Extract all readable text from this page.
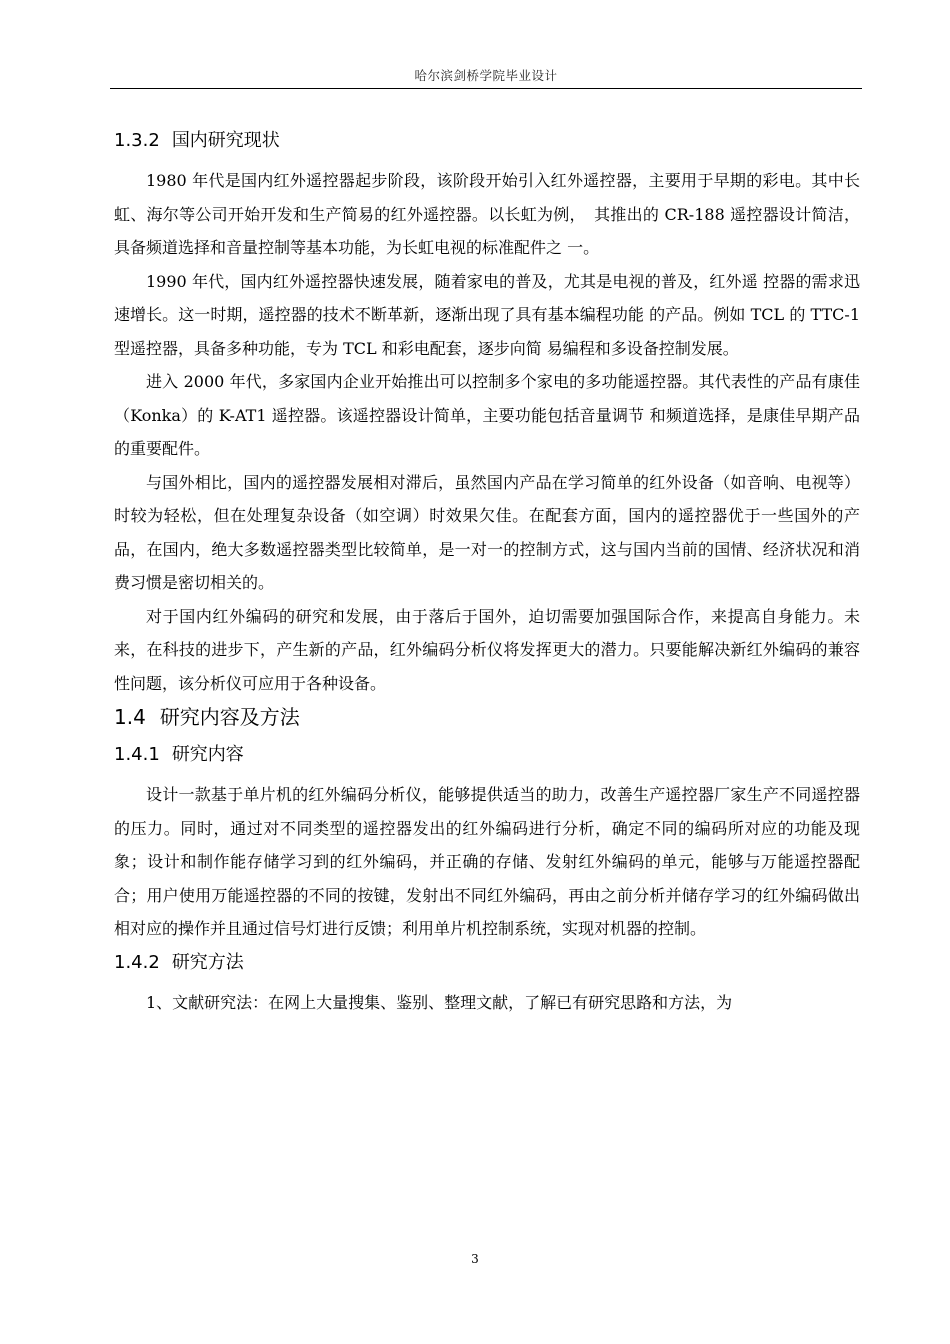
哈尔滨剑桥学院毕业设计
1.3.2 国内研究现状

1980 年代是国内红外遥控器起步阶段，该阶段开始引入红外遥控器，主要用于早期的彩电。其中长虹、海尔等公司开始开发和生产简易的红外遥控器。以长虹为例，　其推出的 CR-188 遥控器设计简洁，具备频道选择和音量控制等基本功能，为长虹电视的标准配件之 一。

1990 年代，国内红外遥控器快速发展，随着家电的普及，尤其是电视的普及，红外遥 控器的需求迅速增长。这一时期，遥控器的技术不断革新，逐渐出现了具有基本编程功能 的产品。例如 TCL 的 TTC-1 型遥控器，具备多种功能，专为 TCL 和彩电配套，逐步向简 易编程和多设备控制发展。

进入 2000 年代，多家国内企业开始推出可以控制多个家电的多功能遥控器。其代表性的产品有康佳（Konka）的 K-AT1 遥控器。该遥控器设计简单，主要功能包括音量调节 和频道选择，是康佳早期产品的重要配件。

与国外相比，国内的遥控器发展相对滞后，虽然国内产品在学习简单的红外设备（如音响、电视等）时较为轻松，但在处理复杂设备（如空调）时效果欠佳。在配套方面，国内的遥控器优于一些国外的产品，在国内，绝大多数遥控器类型比较简单，是一对一的控制方式，这与国内当前的国情、经济状况和消费习惯是密切相关的。

对于国内红外编码的研究和发展，由于落后于国外，迫切需要加强国际合作，来提高自身能力。未来，在科技的进步下，产生新的产品，红外编码分析仪将发挥更大的潜力。只要能解决新红外编码的兼容性问题，该分析仪可应用于各种设备。

1.4 研究内容及方法
1.4.1 研究内容

设计一款基于单片机的红外编码分析仪，能够提供适当的助力，改善生产遥控器厂家生产不同遥控器的压力。同时，通过对不同类型的遥控器发出的红外编码进行分析，确定不同的编码所对应的功能及现象；设计和制作能存储学习到的红外编码，并正确的存储、发射红外编码的单元，能够与万能遥控器配合；用户使用万能遥控器的不同的按键，发射出不同红外编码，再由之前分析并储存学习的红外编码做出相对应的操作并且通过信号灯进行反馈；利用单片机控制系统，实现对机器的控制。

1.4.2 研究方法

1、文献研究法：在网上大量搜集、鉴别、整理文献，了解已有研究思路和方法，为

3
